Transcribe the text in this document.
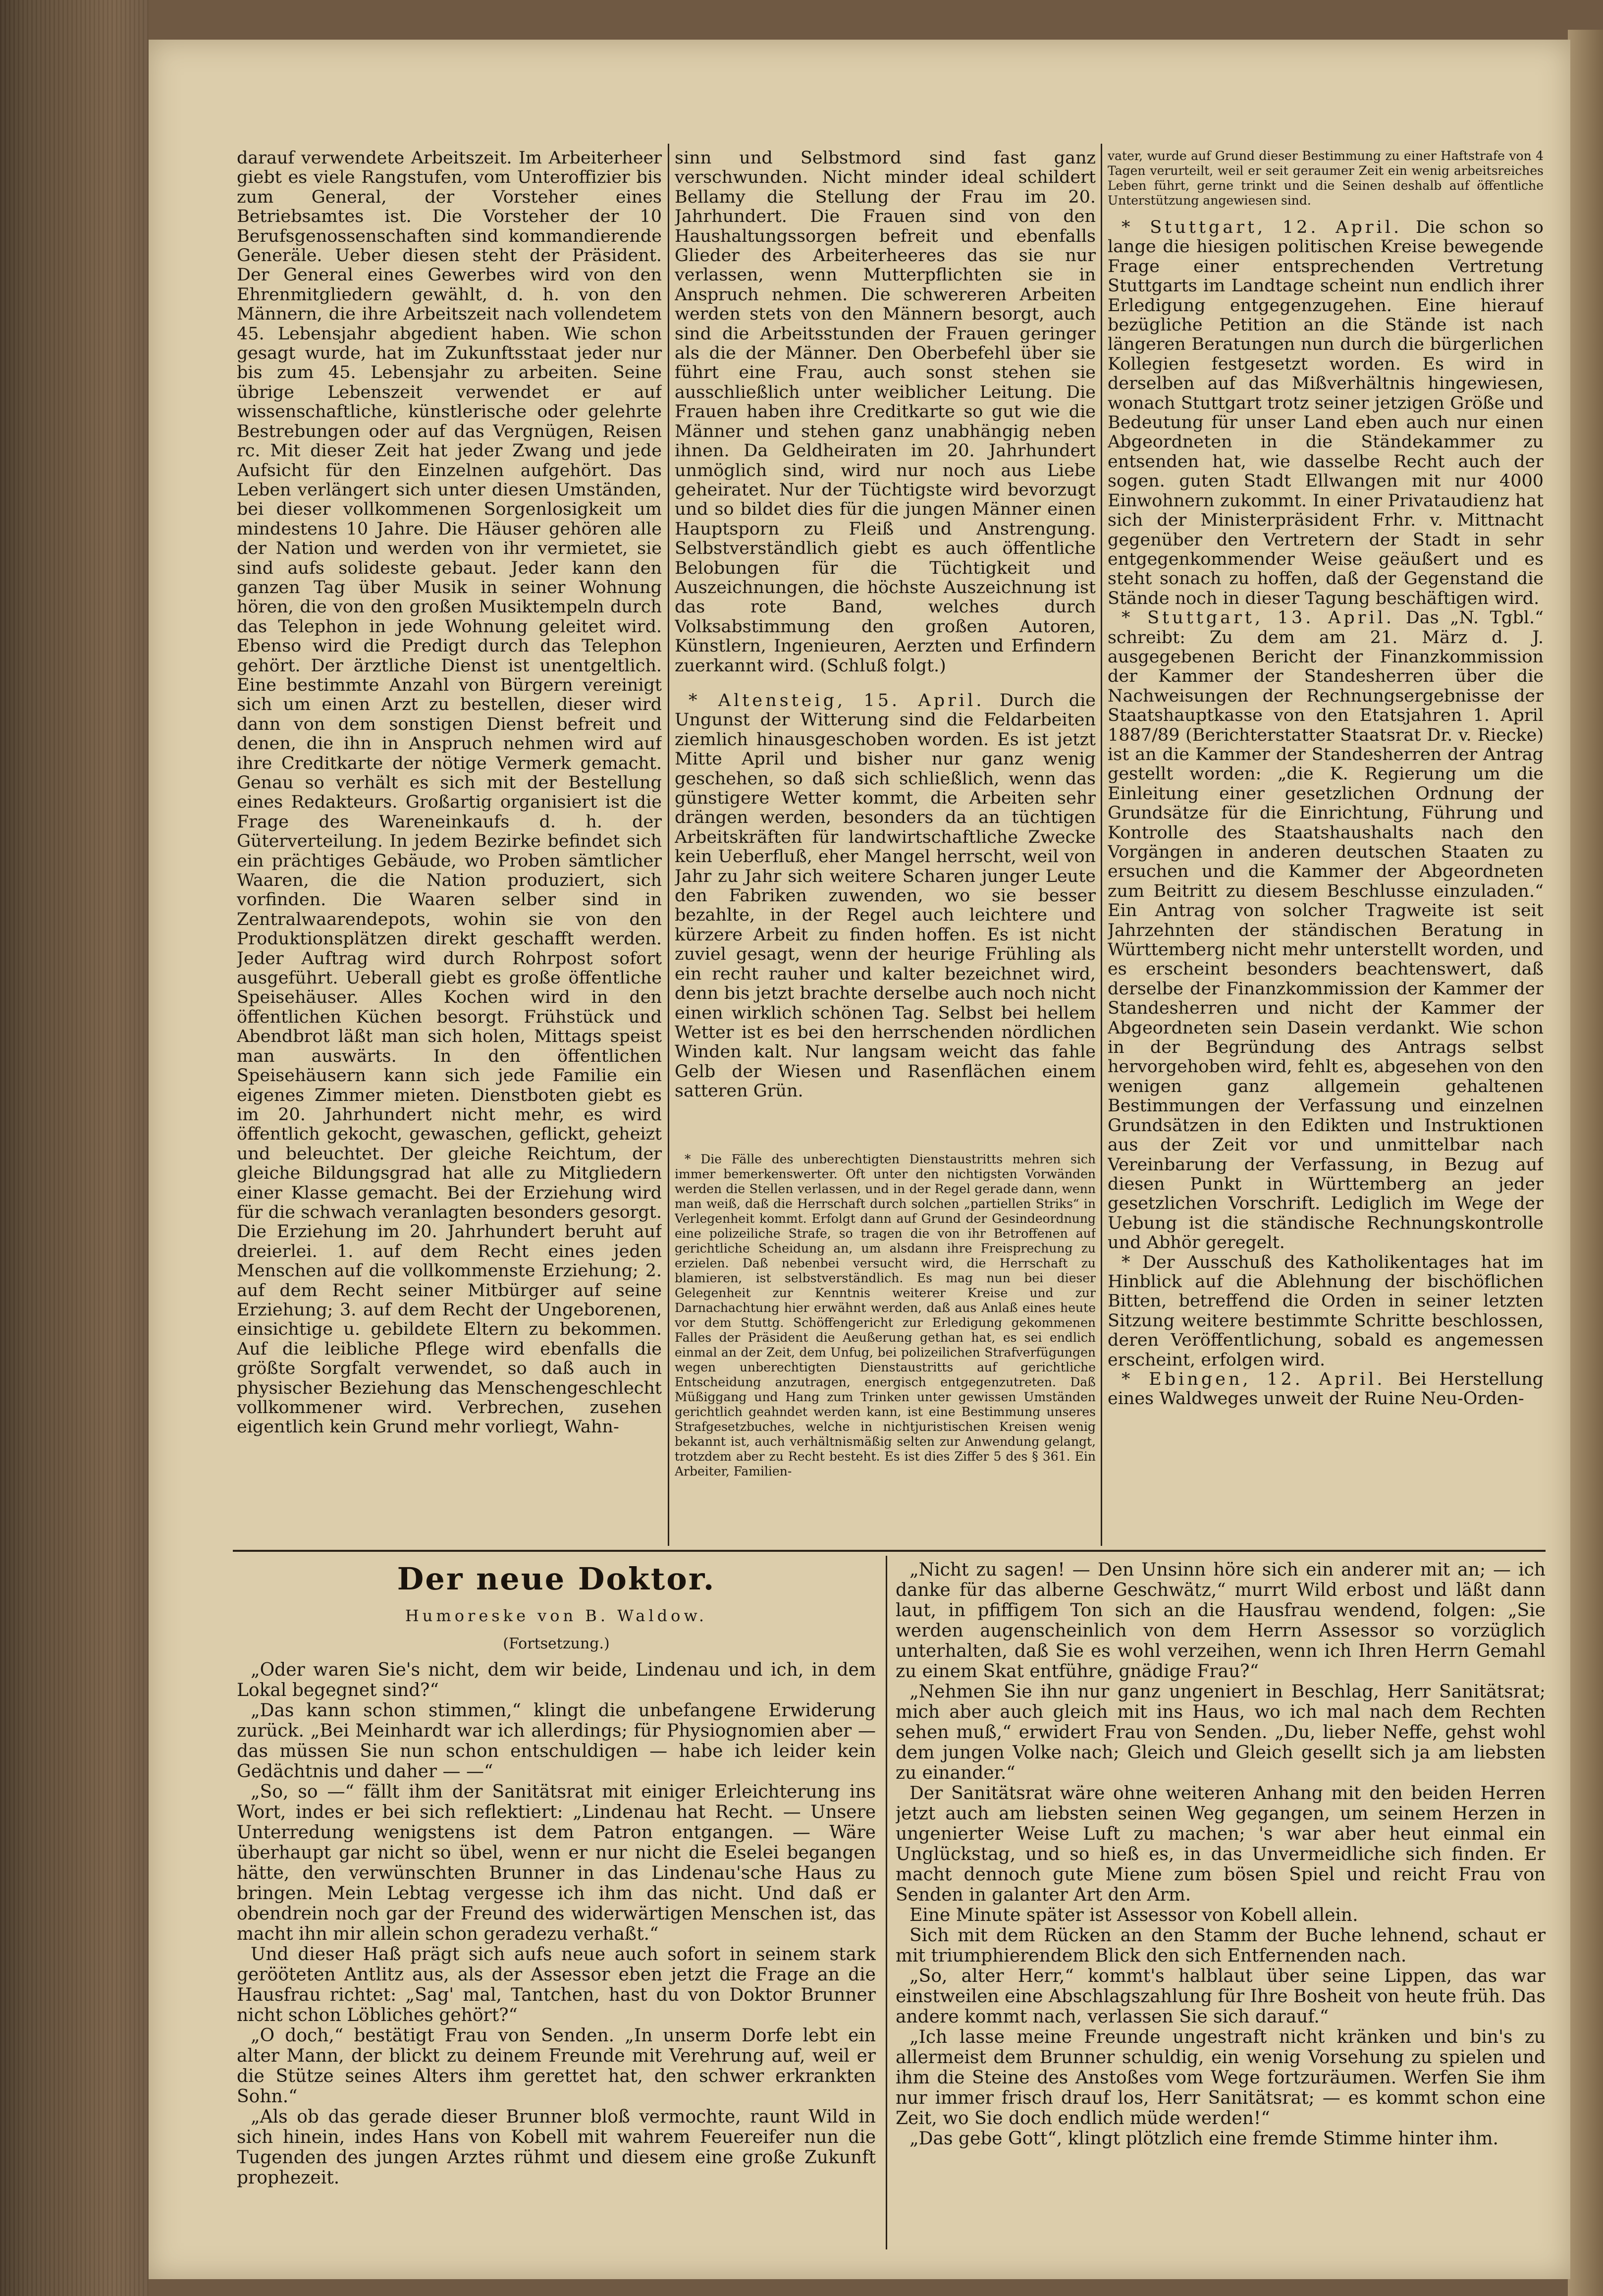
darauf verwendete Arbeitszeit. Im Arbeiterheer giebt es viele Rangstufen, vom Unteroffizier bis zum General, der Vorsteher eines Betriebsamtes ist. Die Vorsteher der 10 Berufsgenossenschaften sind kommandierende Generäle. Ueber diesen steht der Präsident. Der General eines Gewerbes wird von den Ehrenmitgliedern gewählt, d. h. von den Männern, die ihre Arbeitszeit nach vollendetem 45. Lebensjahr abgedient haben. Wie schon gesagt wurde, hat im Zukunftsstaat jeder nur bis zum 45. Lebensjahr zu arbeiten. Seine übrige Lebenszeit verwendet er auf wissenschaftliche, künstlerische oder gelehrte Bestrebungen oder auf das Vergnügen, Reisen rc. Mit dieser Zeit hat jeder Zwang und jede Aufsicht für den Einzelnen aufgehört. Das Leben verlängert sich unter diesen Umständen, bei dieser vollkommenen Sorgenlosigkeit um mindestens 10 Jahre. Die Häuser gehören alle der Nation und werden von ihr vermietet, sie sind aufs solideste gebaut. Jeder kann den ganzen Tag über Musik in seiner Wohnung hören, die von den großen Musiktempeln durch das Telephon in jede Wohnung geleitet wird. Ebenso wird die Predigt durch das Telephon gehört. Der ärztliche Dienst ist unentgeltlich. Eine bestimmte Anzahl von Bürgern vereinigt sich um einen Arzt zu bestellen, dieser wird dann von dem sonstigen Dienst befreit und denen, die ihn in Anspruch nehmen wird auf ihre Creditkarte der nötige Vermerk gemacht. Genau so verhält es sich mit der Bestellung eines Redakteurs. Großartig organisiert ist die Frage des Wareneinkaufs d. h. der Güterverteilung. In jedem Bezirke befindet sich ein prächtiges Gebäude, wo Proben sämtlicher Waaren, die die Nation produziert, sich vorfinden. Die Waaren selber sind in Zentralwaarendepots, wohin sie von den Produktionsplätzen direkt geschafft werden. Jeder Auftrag wird durch Rohrpost sofort ausgeführt. Ueberall giebt es große öffentliche Speisehäuser. Alles Kochen wird in den öffentlichen Küchen besorgt. Frühstück und Abendbrot läßt man sich holen, Mittags speist man auswärts. In den öffentlichen Speisehäusern kann sich jede Familie ein eigenes Zimmer mieten. Dienstboten giebt es im 20. Jahrhundert nicht mehr, es wird öffentlich gekocht, gewaschen, geflickt, geheizt und beleuchtet. Der gleiche Reichtum, der gleiche Bildungsgrad hat alle zu Mitgliedern einer Klasse gemacht. Bei der Erziehung wird für die schwach veranlagten besonders gesorgt. Die Erziehung im 20. Jahrhundert beruht auf dreierlei. 1. auf dem Recht eines jeden Menschen auf die vollkommenste Erziehung; 2. auf dem Recht seiner Mitbürger auf seine Erziehung; 3. auf dem Recht der Ungeborenen, einsichtige u. gebildete Eltern zu bekommen. Auf die leibliche Pflege wird ebenfalls die größte Sorgfalt verwendet, so daß auch in physischer Beziehung das Menschengeschlecht vollkommener wird. Verbrechen, zusehen eigentlich kein Grund mehr vorliegt, Wahn-

sinn und Selbstmord sind fast ganz verschwunden. Nicht minder ideal schildert Bellamy die Stellung der Frau im 20. Jahrhundert. Die Frauen sind von den Haushaltungssorgen befreit und ebenfalls Glieder des Arbeiterheeres das sie nur verlassen, wenn Mutterpflichten sie in Anspruch nehmen. Die schwereren Arbeiten werden stets von den Männern besorgt, auch sind die Arbeitsstunden der Frauen geringer als die der Männer. Den Oberbefehl über sie führt eine Frau, auch sonst stehen sie ausschließlich unter weiblicher Leitung. Die Frauen haben ihre Creditkarte so gut wie die Männer und stehen ganz unabhängig neben ihnen. Da Geldheiraten im 20. Jahrhundert unmöglich sind, wird nur noch aus Liebe geheiratet. Nur der Tüchtigste wird bevorzugt und so bildet dies für die jungen Männer einen Hauptsporn zu Fleiß und Anstrengung. Selbstverständlich giebt es auch öffentliche Belobungen für die Tüchtigkeit und Auszeichnungen, die höchste Auszeichnung ist das rote Band, welches durch Volksabstimmung den großen Autoren, Künstlern, Ingenieuren, Aerzten und Erfindern zuerkannt wird. (Schluß folgt.)

* Altensteig, 15. April. Durch die Ungunst der Witterung sind die Feldarbeiten ziemlich hinausgeschoben worden. Es ist jetzt Mitte April und bisher nur ganz wenig geschehen, so daß sich schließlich, wenn das günstigere Wetter kommt, die Arbeiten sehr drängen werden, besonders da an tüchtigen Arbeitskräften für landwirtschaftliche Zwecke kein Ueberfluß, eher Mangel herrscht, weil von Jahr zu Jahr sich weitere Scharen junger Leute den Fabriken zuwenden, wo sie besser bezahlte, in der Regel auch leichtere und kürzere Arbeit zu finden hoffen. Es ist nicht zuviel gesagt, wenn der heurige Frühling als ein recht rauher und kalter bezeichnet wird, denn bis jetzt brachte derselbe auch noch nicht einen wirklich schönen Tag. Selbst bei hellem Wetter ist es bei den herrschenden nördlichen Winden kalt. Nur langsam weicht das fahle Gelb der Wiesen und Rasenflächen einem satteren Grün.

* Die Fälle des unberechtigten Dienstaustritts mehren sich immer bemerkenswerter. Oft unter den nichtigsten Vorwänden werden die Stellen verlassen, und in der Regel gerade dann, wenn man weiß, daß die Herrschaft durch solchen „partiellen Striks“ in Verlegenheit kommt. Erfolgt dann auf Grund der Gesindeordnung eine polizeiliche Strafe, so tragen die von ihr Betroffenen auf gerichtliche Scheidung an, um alsdann ihre Freisprechung zu erzielen. Daß nebenbei versucht wird, die Herrschaft zu blamieren, ist selbstverständlich. Es mag nun bei dieser Gelegenheit zur Kenntnis weiterer Kreise und zur Darnachachtung hier erwähnt werden, daß aus Anlaß eines heute vor dem Stuttg. Schöffengericht zur Erledigung gekommenen Falles der Präsident die Aeußerung gethan hat, es sei endlich einmal an der Zeit, dem Unfug, bei polizeilichen Strafverfügungen wegen unberechtigten Dienstaustritts auf gerichtliche Entscheidung anzutragen, energisch entgegenzutreten. Daß Müßiggang und Hang zum Trinken unter gewissen Umständen gerichtlich geahndet werden kann, ist eine Bestimmung unseres Strafgesetzbuches, welche in nichtjuristischen Kreisen wenig bekannt ist, auch verhältnismäßig selten zur Anwendung gelangt, trotzdem aber zu Recht besteht. Es ist dies Ziffer 5 des § 361. Ein Arbeiter, Familien-

vater, wurde auf Grund dieser Bestimmung zu einer Haftstrafe von 4 Tagen verurteilt, weil er seit geraumer Zeit ein wenig arbeitsreiches Leben führt, gerne trinkt und die Seinen deshalb auf öffentliche Unterstützung angewiesen sind.

* Stuttgart, 12. April. Die schon so lange die hiesigen politischen Kreise bewegende Frage einer entsprechenden Vertretung Stuttgarts im Landtage scheint nun endlich ihrer Erledigung entgegenzugehen. Eine hierauf bezügliche Petition an die Stände ist nach längeren Beratungen nun durch die bürgerlichen Kollegien festgesetzt worden. Es wird in derselben auf das Mißverhältnis hingewiesen, wonach Stuttgart trotz seiner jetzigen Größe und Bedeutung für unser Land eben auch nur einen Abgeordneten in die Ständekammer zu entsenden hat, wie dasselbe Recht auch der sogen. guten Stadt Ellwangen mit nur 4000 Einwohnern zukommt. In einer Privataudienz hat sich der Ministerpräsident Frhr. v. Mittnacht gegenüber den Vertretern der Stadt in sehr entgegenkommender Weise geäußert und es steht sonach zu hoffen, daß der Gegenstand die Stände noch in dieser Tagung beschäftigen wird.

* Stuttgart, 13. April. Das „N. Tgbl.“ schreibt: Zu dem am 21. März d. J. ausgegebenen Bericht der Finanzkommission der Kammer der Standesherren über die Nachweisungen der Rechnungsergebnisse der Staatshauptkasse von den Etatsjahren 1. April 1887/89 (Berichterstatter Staatsrat Dr. v. Riecke) ist an die Kammer der Standesherren der Antrag gestellt worden: „die K. Regierung um die Einleitung einer gesetzlichen Ordnung der Grundsätze für die Einrichtung, Führung und Kontrolle des Staatshaushalts nach den Vorgängen in anderen deutschen Staaten zu ersuchen und die Kammer der Abgeordneten zum Beitritt zu diesem Beschlusse einzuladen.“ Ein Antrag von solcher Tragweite ist seit Jahrzehnten der ständischen Beratung in Württemberg nicht mehr unterstellt worden, und es erscheint besonders beachtenswert, daß derselbe der Finanzkommission der Kammer der Standesherren und nicht der Kammer der Abgeordneten sein Dasein verdankt. Wie schon in der Begründung des Antrags selbst hervorgehoben wird, fehlt es, abgesehen von den wenigen ganz allgemein gehaltenen Bestimmungen der Verfassung und einzelnen Grundsätzen in den Edikten und Instruktionen aus der Zeit vor und unmittelbar nach Vereinbarung der Verfassung, in Bezug auf diesen Punkt in Württemberg an jeder gesetzlichen Vorschrift. Lediglich im Wege der Uebung ist die ständische Rechnungskontrolle und Abhör geregelt.

* Der Ausschuß des Katholikentages hat im Hinblick auf die Ablehnung der bischöflichen Bitten, betreffend die Orden in seiner letzten Sitzung weitere bestimmte Schritte beschlossen, deren Veröffentlichung, sobald es angemessen erscheint, erfolgen wird.

* Ebingen, 12. April. Bei Herstellung eines Waldweges unweit der Ruine Neu-Orden-

Der neue Doktor.
Humoreske von B. Waldow.
(Fortsetzung.)

„Oder waren Sie's nicht, dem wir beide, Lindenau und ich, in dem Lokal begegnet sind?“

„Das kann schon stimmen,“ klingt die unbefangene Erwiderung zurück. „Bei Meinhardt war ich allerdings; für Physiognomien aber — das müssen Sie nun schon entschuldigen — habe ich leider kein Gedächtnis und daher — —“

„So, so —“ fällt ihm der Sanitätsrat mit einiger Erleichterung ins Wort, indes er bei sich reflektiert: „Lindenau hat Recht. — Unsere Unterredung wenigstens ist dem Patron entgangen. — Wäre überhaupt gar nicht so übel, wenn er nur nicht die Eselei begangen hätte, den verwünschten Brunner in das Lindenau'sche Haus zu bringen. Mein Lebtag vergesse ich ihm das nicht. Und daß er obendrein noch gar der Freund des widerwärtigen Menschen ist, das macht ihn mir allein schon geradezu verhaßt.“

Und dieser Haß prägt sich aufs neue auch sofort in seinem stark gerööteten Antlitz aus, als der Assessor eben jetzt die Frage an die Hausfrau richtet: „Sag' mal, Tantchen, hast du von Doktor Brunner nicht schon Löbliches gehört?“

„O doch,“ bestätigt Frau von Senden. „In unserm Dorfe lebt ein alter Mann, der blickt zu deinem Freunde mit Verehrung auf, weil er die Stütze seines Alters ihm gerettet hat, den schwer erkrankten Sohn.“

„Als ob das gerade dieser Brunner bloß vermochte, raunt Wild in sich hinein, indes Hans von Kobell mit wahrem Feuereifer nun die Tugenden des jungen Arztes rühmt und diesem eine große Zukunft prophezeit.

„Nicht zu sagen! — Den Unsinn höre sich ein anderer mit an; — ich danke für das alberne Geschwätz,“ murrt Wild erbost und läßt dann laut, in pfiffigem Ton sich an die Hausfrau wendend, folgen: „Sie werden augenscheinlich von dem Herrn Assessor so vorzüglich unterhalten, daß Sie es wohl verzeihen, wenn ich Ihren Herrn Gemahl zu einem Skat entführe, gnädige Frau?“

„Nehmen Sie ihn nur ganz ungeniert in Beschlag, Herr Sanitätsrat; mich aber auch gleich mit ins Haus, wo ich mal nach dem Rechten sehen muß,“ erwidert Frau von Senden. „Du, lieber Neffe, gehst wohl dem jungen Volke nach; Gleich und Gleich gesellt sich ja am liebsten zu einander.“

Der Sanitätsrat wäre ohne weiteren Anhang mit den beiden Herren jetzt auch am liebsten seinen Weg gegangen, um seinem Herzen in ungenierter Weise Luft zu machen; 's war aber heut einmal ein Unglückstag, und so hieß es, in das Unvermeidliche sich finden. Er macht dennoch gute Miene zum bösen Spiel und reicht Frau von Senden in galanter Art den Arm.

Eine Minute später ist Assessor von Kobell allein.

Sich mit dem Rücken an den Stamm der Buche lehnend, schaut er mit triumphierendem Blick den sich Entfernenden nach.

„So, alter Herr,“ kommt's halblaut über seine Lippen, das war einstweilen eine Abschlagszahlung für Ihre Bosheit von heute früh. Das andere kommt nach, verlassen Sie sich darauf.“

„Ich lasse meine Freunde ungestraft nicht kränken und bin's zu allermeist dem Brunner schuldig, ein wenig Vorsehung zu spielen und ihm die Steine des Anstoßes vom Wege fortzuräumen. Werfen Sie ihm nur immer frisch drauf los, Herr Sanitätsrat; — es kommt schon eine Zeit, wo Sie doch endlich müde werden!“

„Das gebe Gott“, klingt plötzlich eine fremde Stimme hinter ihm.
